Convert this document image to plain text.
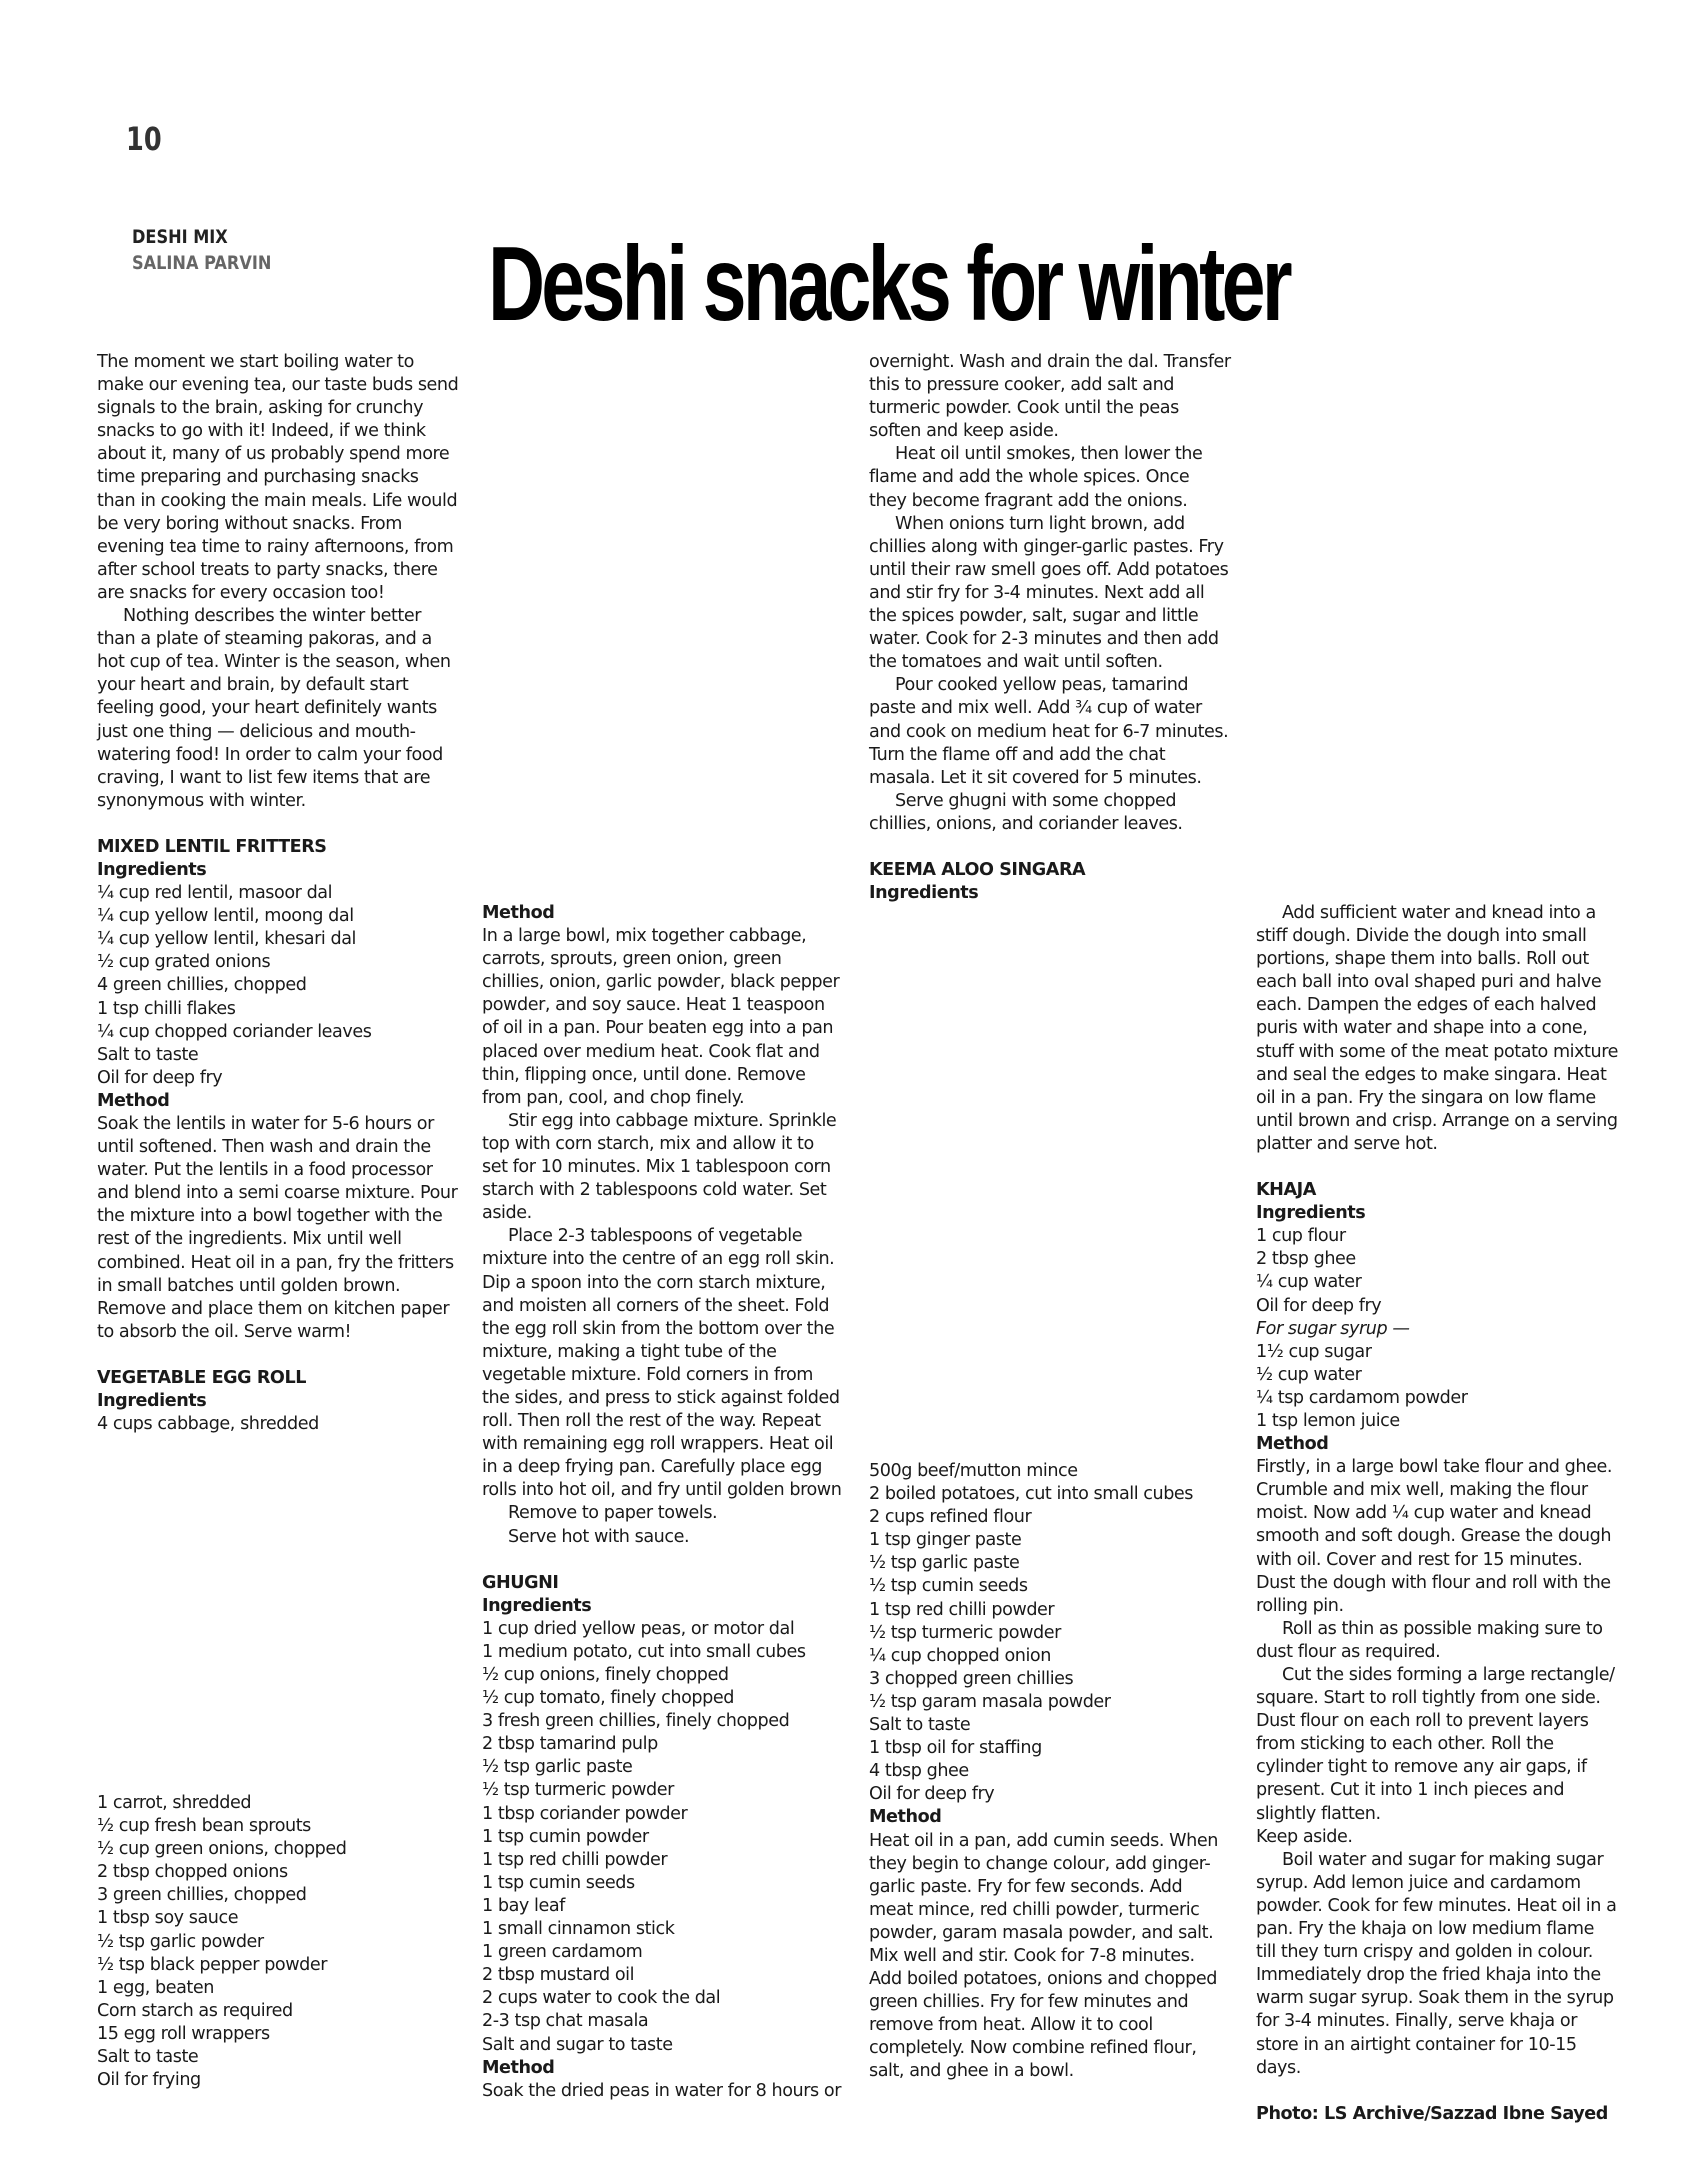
10
DESHI MIX
SALINA PARVIN Deshi snacks for winter

The moment we start boiling water to make our evening tea, our taste buds send signals to the brain, asking for crunchy snacks to go with it! Indeed, if we think about it, many of us probably spend more time preparing and purchasing snacks than in cooking the main meals. Life would be very boring without snacks. From evening tea time to rainy afternoons, from after school treats to party snacks, there are snacks for every occasion too!

Nothing describes the winter better than a plate of steaming pakoras, and a hot cup of tea. Winter is the season, when your heart and brain, by default start feeling good, your heart definitely wants just one thing — delicious and mouth-watering food! In order to calm your food craving, I want to list few items that are synonymous with winter.

MIXED LENTIL FRITTERS

Ingredients

¼ cup red lentil, masoor dal
¼ cup yellow lentil, moong dal
¼ cup yellow lentil, khesari dal
½ cup grated onions
4 green chillies, chopped
1 tsp chilli flakes
¼ cup chopped coriander leaves
Salt to taste
Oil for deep fry

Method

Soak the lentils in water for 5-6 hours or until softened. Then wash and drain the water. Put the lentils in a food processor and blend into a semi coarse mixture. Pour the mixture into a bowl together with the rest of the ingredients. Mix until well combined. Heat oil in a pan, fry the fritters in small batches until golden brown. Remove and place them on kitchen paper to absorb the oil. Serve warm!

VEGETABLE EGG ROLL

Ingredients

4 cups cabbage, shredded
1 carrot, shredded
½ cup fresh bean sprouts
½ cup green onions, chopped
2 tbsp chopped onions
3 green chillies, chopped
1 tbsp soy sauce
½ tsp garlic powder
½ tsp black pepper powder
1 egg, beaten
Corn starch as required
15 egg roll wrappers
Salt to taste
Oil for frying

Method

In a large bowl, mix together cabbage, carrots, sprouts, green onion, green chillies, onion, garlic powder, black pepper powder, and soy sauce. Heat 1 teaspoon of oil in a pan. Pour beaten egg into a pan placed over medium heat. Cook flat and thin, flipping once, until done. Remove from pan, cool, and chop finely.

Stir egg into cabbage mixture. Sprinkle top with corn starch, mix and allow it to set for 10 minutes. Mix 1 tablespoon corn starch with 2 tablespoons cold water. Set aside.

Place 2-3 tablespoons of vegetable mixture into the centre of an egg roll skin. Dip a spoon into the corn starch mixture, and moisten all corners of the sheet. Fold the egg roll skin from the bottom over the mixture, making a tight tube of the vegetable mixture. Fold corners in from the sides, and press to stick against folded roll. Then roll the rest of the way. Repeat with remaining egg roll wrappers. Heat oil in a deep frying pan. Carefully place egg rolls into hot oil, and fry until golden brown

Remove to paper towels.

Serve hot with sauce.

GHUGNI

Ingredients

1 cup dried yellow peas, or motor dal
1 medium potato, cut into small cubes
½ cup onions, finely chopped
½ cup tomato, finely chopped
3 fresh green chillies, finely chopped
2 tbsp tamarind pulp
½ tsp garlic paste
½ tsp turmeric powder
1 tbsp coriander powder
1 tsp cumin powder
1 tsp red chilli powder
1 tsp cumin seeds
1 bay leaf
1 small cinnamon stick
1 green cardamom
2 tbsp mustard oil
2 cups water to cook the dal
2-3 tsp chat masala
Salt and sugar to taste

Method

Soak the dried peas in water for 8 hours or

overnight. Wash and drain the dal. Transfer this to pressure cooker, add salt and turmeric powder. Cook until the peas soften and keep aside.

Heat oil until smokes, then lower the flame and add the whole spices. Once they become fragrant add the onions.

When onions turn light brown, add chillies along with ginger-garlic pastes. Fry until their raw smell goes off. Add potatoes and stir fry for 3-4 minutes. Next add all the spices powder, salt, sugar and little water. Cook for 2-3 minutes and then add the tomatoes and wait until soften.

Pour cooked yellow peas, tamarind paste and mix well. Add ¾ cup of water and cook on medium heat for 6-7 minutes. Turn the flame off and add the chat masala. Let it sit covered for 5 minutes.

Serve ghugni with some chopped chillies, onions, and coriander leaves.

KEEMA ALOO SINGARA

Ingredients

500g beef/mutton mince
2 boiled potatoes, cut into small cubes
2 cups refined flour
1 tsp ginger paste
½ tsp garlic paste
½ tsp cumin seeds
1 tsp red chilli powder
½ tsp turmeric powder
¼ cup chopped onion
3 chopped green chillies
½ tsp garam masala powder
Salt to taste
1 tbsp oil for staffing
4 tbsp ghee
Oil for deep fry

Method

Heat oil in a pan, add cumin seeds. When they begin to change colour, add ginger-garlic paste. Fry for few seconds. Add meat mince, red chilli powder, turmeric powder, garam masala powder, and salt. Mix well and stir. Cook for 7-8 minutes. Add boiled potatoes, onions and chopped green chillies. Fry for few minutes and remove from heat. Allow it to cool completely. Now combine refined flour, salt, and ghee in a bowl.

Add sufficient water and knead into a stiff dough. Divide the dough into small portions, shape them into balls. Roll out each ball into oval shaped puri and halve each. Dampen the edges of each halved puris with water and shape into a cone, stuff with some of the meat potato mixture and seal the edges to make singara. Heat oil in a pan. Fry the singara on low flame until brown and crisp. Arrange on a serving platter and serve hot.

KHAJA

Ingredients

1 cup flour
2 tbsp ghee
¼ cup water
Oil for deep fry
For sugar syrup —
1½ cup sugar
½ cup water
¼ tsp cardamom powder
1 tsp lemon juice

Method

Firstly, in a large bowl take flour and ghee. Crumble and mix well, making the flour moist. Now add ¼ cup water and knead smooth and soft dough. Grease the dough with oil. Cover and rest for 15 minutes. Dust the dough with flour and roll with the rolling pin.

Roll as thin as possible making sure to dust flour as required.

Cut the sides forming a large rectangle/ square. Start to roll tightly from one side. Dust flour on each roll to prevent layers from sticking to each other. Roll the cylinder tight to remove any air gaps, if present. Cut it into 1 inch pieces and slightly flatten.

Keep aside.

Boil water and sugar for making sugar syrup. Add lemon juice and cardamom powder. Cook for few minutes. Heat oil in a pan. Fry the khaja on low medium flame till they turn crispy and golden in colour. Immediately drop the fried khaja into the warm sugar syrup. Soak them in the syrup for 3-4 minutes. Finally, serve khaja or store in an airtight container for 10-15 days.

Photo: LS Archive/Sazzad Ibne Sayed
